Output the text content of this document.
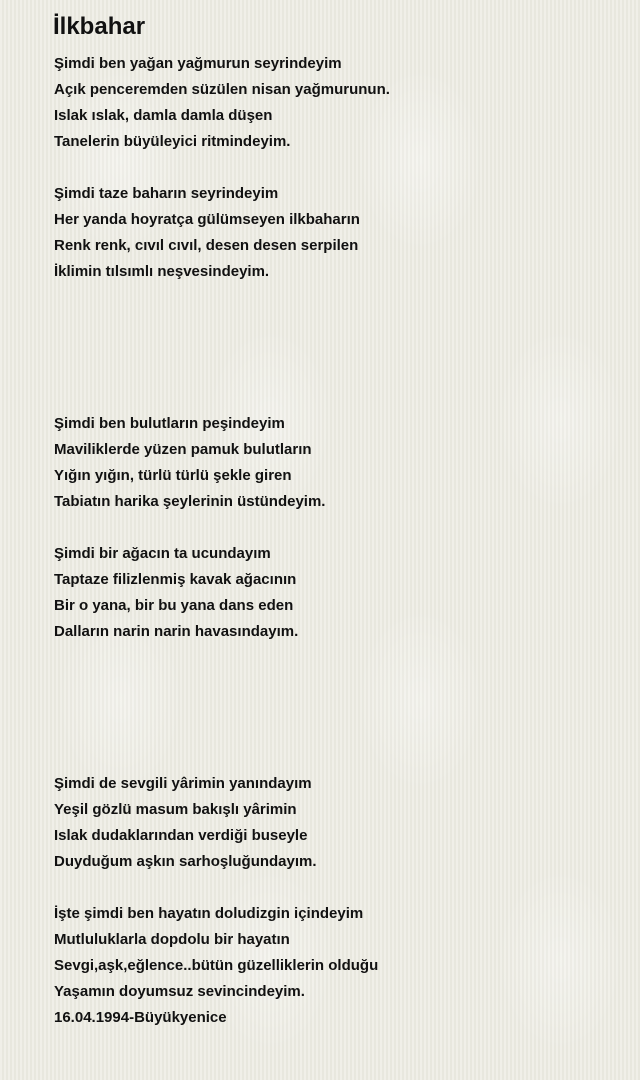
İlkbahar
Şimdi ben yağan yağmurun seyrindeyim
Açık penceremden süzülen nisan yağmurunun.
Islak ıslak, damla damla düşen
Tanelerin büyüleyici ritmindeyim.
Şimdi taze baharın seyrindeyim
Her yanda hoyratça gülümseyen ilkbaharın
Renk renk, cıvıl cıvıl, desen desen serpilen
İklimin tılsımlı neşvesindeyim.
Şimdi ben bulutların peşindeyim
Maviliklerde yüzen pamuk bulutların
Yığın yığın, türlü türlü şekle giren
Tabiatın harika şeylerinin üstündeyim.
Şimdi bir ağacın ta ucundayım
Taptaze filizlenmiş kavak ağacının
Bir o yana, bir bu yana dans eden
Dalların narin narin havasındayım.
Şimdi de sevgili yârimin yanındayım
Yeşil gözlü masum bakışlı yârimin
Islak dudaklarından verdiği buseyle
Duyduğum aşkın sarhoşluğundayım.
İşte şimdi ben hayatın doludizgin içindeyim
Mutluluklarla dopdolu bir hayatın
Sevgi,aşk,eğlence..bütün güzelliklerin olduğu
Yaşamın doyumsuz sevincindeyim.
16.04.1994-Büyükyenice
